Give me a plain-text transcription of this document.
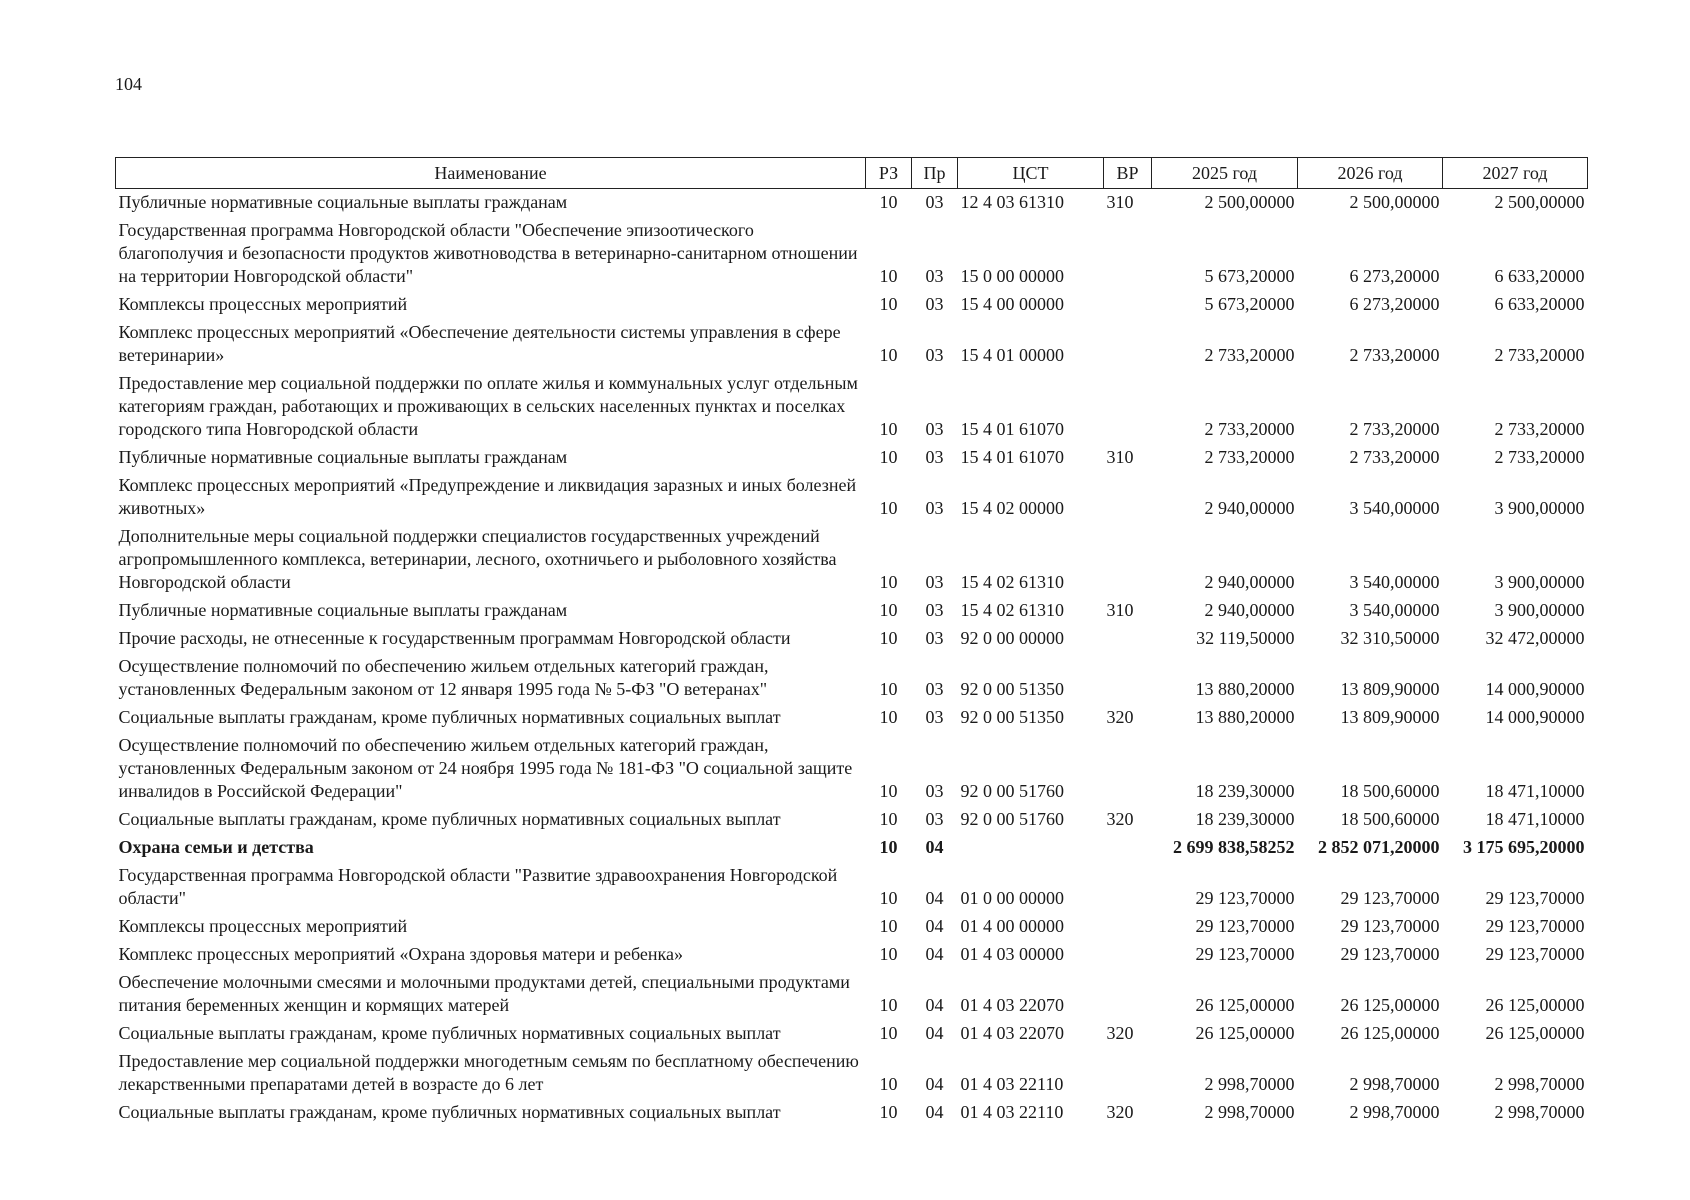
104
Наименование	РЗ	Пр	ЦСТ	ВР	2025 год	2026 год	2027 год
Публичные нормативные социальные выплаты гражданам	10	03	12 4 03 61310	310	2 500,00000	2 500,00000	2 500,00000
Государственная программа Новгородской области "Обеспечение эпизоотического благополучия и безопасности продуктов животноводства в ветеринарно-санитарном отношении на территории Новгородской области"	10	03	15 0 00 00000		5 673,20000	6 273,20000	6 633,20000
Комплексы процессных мероприятий	10	03	15 4 00 00000		5 673,20000	6 273,20000	6 633,20000
Комплекс процессных мероприятий «Обеспечение деятельности системы управления в сфере ветеринарии»	10	03	15 4 01 00000		2 733,20000	2 733,20000	2 733,20000
Предоставление мер социальной поддержки по оплате жилья и коммунальных услуг отдельным категориям граждан, работающих и проживающих в сельских населенных пунктах и поселках городского типа Новгородской области	10	03	15 4 01 61070		2 733,20000	2 733,20000	2 733,20000
Публичные нормативные социальные выплаты гражданам	10	03	15 4 01 61070	310	2 733,20000	2 733,20000	2 733,20000
Комплекс процессных мероприятий «Предупреждение и ликвидация заразных и иных болезней животных»	10	03	15 4 02 00000		2 940,00000	3 540,00000	3 900,00000
Дополнительные меры социальной поддержки специалистов государственных учреждений агропромышленного комплекса, ветеринарии, лесного, охотничьего и рыболовного хозяйства Новгородской области	10	03	15 4 02 61310		2 940,00000	3 540,00000	3 900,00000
Публичные нормативные социальные выплаты гражданам	10	03	15 4 02 61310	310	2 940,00000	3 540,00000	3 900,00000
Прочие расходы, не отнесенные к государственным программам Новгородской области	10	03	92 0 00 00000		32 119,50000	32 310,50000	32 472,00000
Осуществление полномочий по обеспечению жильем отдельных категорий граждан, установленных Федеральным законом от 12 января 1995 года № 5-ФЗ "О ветеранах"	10	03	92 0 00 51350		13 880,20000	13 809,90000	14 000,90000
Социальные выплаты гражданам, кроме публичных нормативных социальных выплат	10	03	92 0 00 51350	320	13 880,20000	13 809,90000	14 000,90000
Осуществление полномочий по обеспечению жильем отдельных категорий граждан, установленных Федеральным законом от 24 ноября 1995 года № 181-ФЗ "О социальной защите инвалидов в Российской Федерации"	10	03	92 0 00 51760		18 239,30000	18 500,60000	18 471,10000
Социальные выплаты гражданам, кроме публичных нормативных социальных выплат	10	03	92 0 00 51760	320	18 239,30000	18 500,60000	18 471,10000
Охрана семьи и детства	10	04			2 699 838,58252	2 852 071,20000	3 175 695,20000
Государственная программа Новгородской области "Развитие здравоохранения Новгородской области"	10	04	01 0 00 00000		29 123,70000	29 123,70000	29 123,70000
Комплексы процессных мероприятий	10	04	01 4 00 00000		29 123,70000	29 123,70000	29 123,70000
Комплекс процессных мероприятий «Охрана здоровья матери и ребенка»	10	04	01 4 03 00000		29 123,70000	29 123,70000	29 123,70000
Обеспечение молочными смесями и молочными продуктами детей, специальными продуктами питания беременных женщин и кормящих матерей	10	04	01 4 03 22070		26 125,00000	26 125,00000	26 125,00000
Социальные выплаты гражданам, кроме публичных нормативных социальных выплат	10	04	01 4 03 22070	320	26 125,00000	26 125,00000	26 125,00000
Предоставление мер социальной поддержки многодетным семьям по бесплатному обеспечению лекарственными препаратами детей в возрасте до 6 лет	10	04	01 4 03 22110		2 998,70000	2 998,70000	2 998,70000
Социальные выплаты гражданам, кроме публичных нормативных социальных выплат	10	04	01 4 03 22110	320	2 998,70000	2 998,70000	2 998,70000
